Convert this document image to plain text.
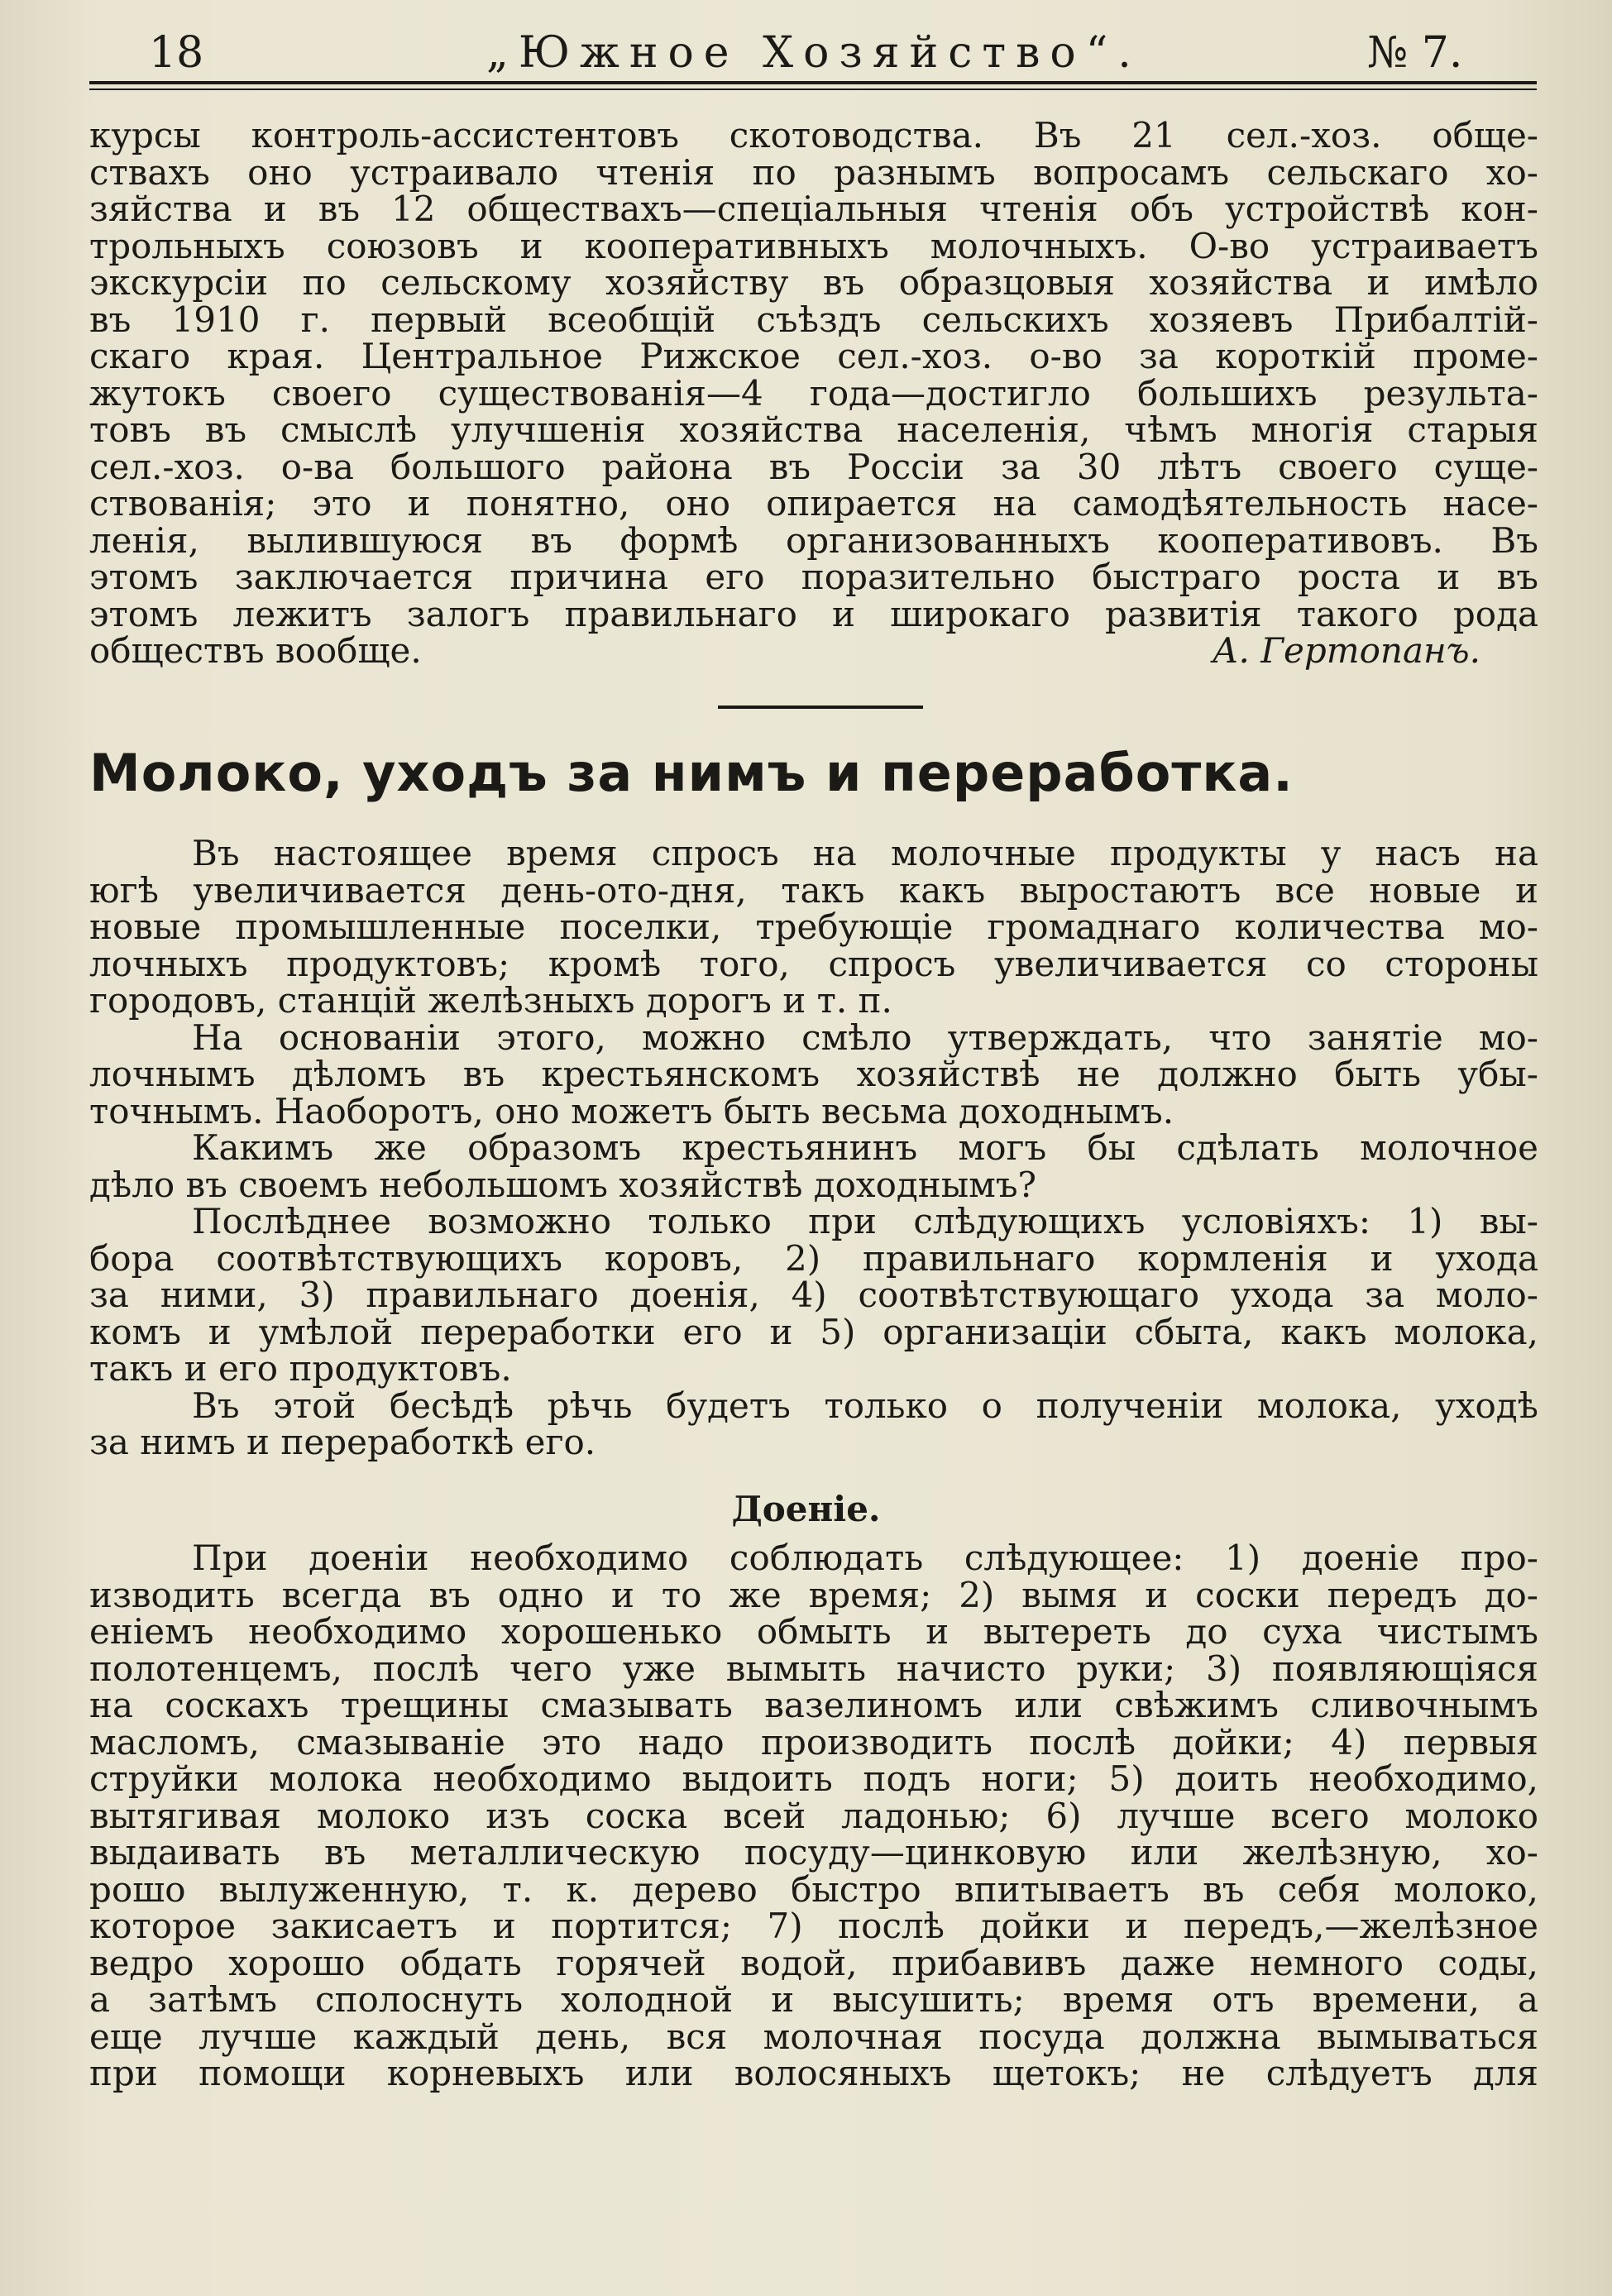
18	„Южное Хозяйство“.	№ 7.
курсы контроль-ассистентовъ скотоводства. Въ 21 сел.-хоз. обще-
ствахъ оно устраивало чтенія по разнымъ вопросамъ сельскаго хо-
зяйства и въ 12 обществахъ—спеціальныя чтенія объ устройствѣ кон-
трольныхъ союзовъ и кооперативныхъ молочныхъ. О-во устраиваетъ
экскурсіи по сельскому хозяйству въ образцовыя хозяйства и имѣло
въ 1910 г. первый всеобщій съѣздъ сельскихъ хозяевъ Прибалтій-
скаго края. Центральное Рижское сел.-хоз. о-во за короткій проме-
жутокъ своего существованія—4 года—достигло большихъ результа-
товъ въ смыслѣ улучшенія хозяйства населенія, чѣмъ многія старыя
сел.-хоз. о-ва большого района въ Россіи за 30 лѣтъ своего суще-
ствованія; это и понятно, оно опирается на самодѣятельность насе-
ленія, вылившуюся въ формѣ организованныхъ кооперативовъ. Въ
этомъ заключается причина его поразительно быстраго роста и въ
этомъ лежитъ залогъ правильнаго и широкаго развитія такого рода
обществъ вообще.	А. Гертопанъ.
Молоко, уходъ за нимъ и переработка.
Въ настоящее время спросъ на молочные продукты у насъ на
югѣ увеличивается день-ото-дня, такъ какъ выростаютъ все новые и
новые промышленные поселки, требующіе громаднаго количества мо-
лочныхъ продуктовъ; кромѣ того, спросъ увеличивается со стороны
городовъ, станцій желѣзныхъ дорогъ и т. п.
На основаніи этого, можно смѣло утверждать, что занятіе мо-
лочнымъ дѣломъ въ крестьянскомъ хозяйствѣ не должно быть убы-
точнымъ. Наоборотъ, оно можетъ быть весьма доходнымъ.
Какимъ же образомъ крестьянинъ могъ бы сдѣлать молочное
дѣло въ своемъ небольшомъ хозяйствѣ доходнымъ?
Послѣднее возможно только при слѣдующихъ условіяхъ: 1) вы-
бора соотвѣтствующихъ коровъ, 2) правильнаго кормленія и ухода
за ними, 3) правильнаго доенія, 4) соотвѣтствующаго ухода за моло-
комъ и умѣлой переработки его и 5) организаціи сбыта, какъ молока,
такъ и его продуктовъ.
Въ этой бесѣдѣ рѣчь будетъ только о полученіи молока, уходѣ
за нимъ и переработкѣ его.
Доеніе.
При доеніи необходимо соблюдать слѣдующее: 1) доеніе про-
изводить всегда въ одно и то же время; 2) вымя и соски передъ до-
еніемъ необходимо хорошенько обмыть и вытереть до суха чистымъ
полотенцемъ, послѣ чего уже вымыть начисто руки; 3) появляющіяся
на соскахъ трещины смазывать вазелиномъ или свѣжимъ сливочнымъ
масломъ, смазываніе это надо производить послѣ дойки; 4) первыя
струйки молока необходимо выдоить подъ ноги; 5) доить необходимо,
вытягивая молоко изъ соска всей ладонью; 6) лучше всего молоко
выдаивать въ металлическую посуду—цинковую или желѣзную, хо-
рошо вылуженную, т. к. дерево быстро впитываетъ въ себя молоко,
которое закисаетъ и портится; 7) послѣ дойки и передъ,—желѣзное
ведро хорошо обдать горячей водой, прибавивъ даже немного соды,
а затѣмъ сполоснуть холодной и высушить; время отъ времени, а
еще лучше каждый день, вся молочная посуда должна вымываться
при помощи корневыхъ или волосяныхъ щетокъ; не слѣдуетъ для
